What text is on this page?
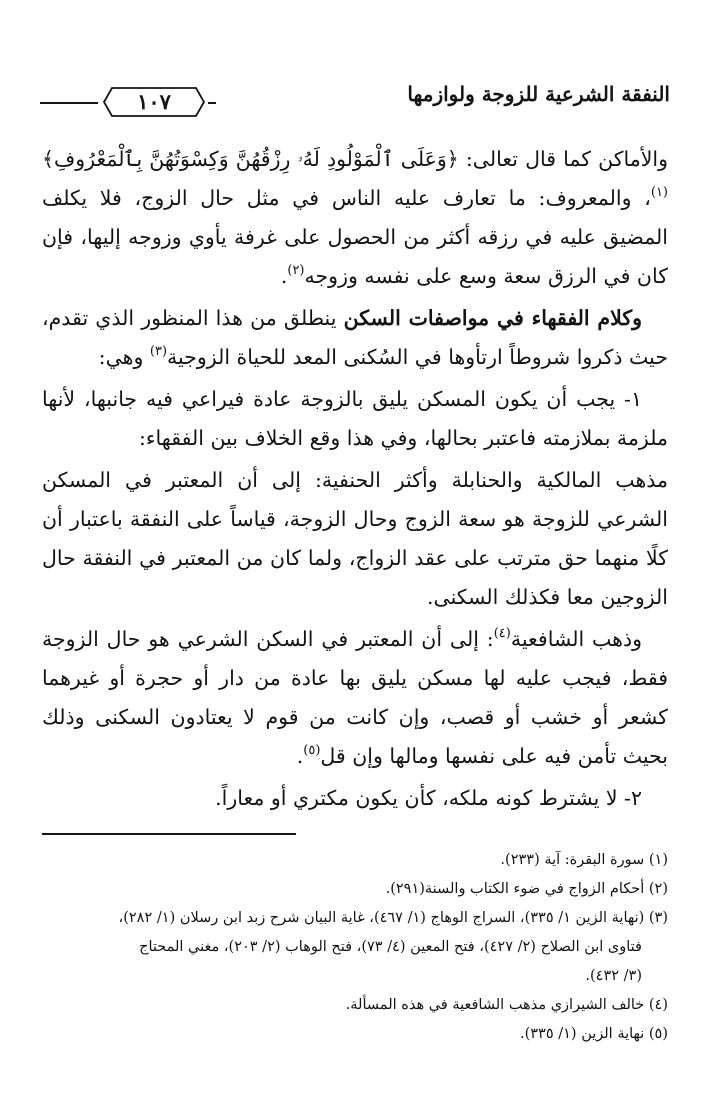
النفقة الشرعية للزوجة ولوازمها
١٠٧

والأماكن كما قال تعالى: ﴿وَعَلَى ٱلْمَوْلُودِ لَهُۥ رِزْقُهُنَّ وَكِسْوَتُهُنَّ بِٱلْمَعْرُوفِ﴾$^{(١)}$، والمعروف: ما تعارف عليه الناس في مثل حال الزوج، فلا يكلف المضيق عليه في رزقه أكثر من الحصول على غرفة يأوي وزوجه إليها، فإن كان في الرزق سعة وسع على نفسه وزوجه$^{(٢)}$.

وكلام الفقهاء في مواصفات السكن ينطلق من هذا المنظور الذي تقدم، حيث ذكروا شروطاً ارتأوها في السُكنى المعد للحياة الزوجية$^{(٣)}$ وهي:

١- يجب أن يكون المسكن يليق بالزوجة عادة فيراعي فيه جانبها، لأنها ملزمة بملازمته فاعتبر بحالها، وفي هذا وقع الخلاف بين الفقهاء:

مذهب المالكية والحنابلة وأكثر الحنفية: إلى أن المعتبر في المسكن الشرعي للزوجة هو سعة الزوج وحال الزوجة، قياساً على النفقة باعتبار أن كلًا منهما حق مترتب على عقد الزواج، ولما كان من المعتبر في النفقة حال الزوجين معا فكذلك السكنى.

وذهب الشافعية$^{(٤)}$: إلى أن المعتبر في السكن الشرعي هو حال الزوجة فقط، فيجب عليه لها مسكن يليق بها عادة من دار أو حجرة أو غيرهما كشعر أو خشب أو قصب، وإن كانت من قوم لا يعتادون السكنى وذلك بحيث تأمن فيه على نفسها ومالها وإن قل$^{(٥)}$.

٢- لا يشترط كونه ملكه، كأن يكون مكتري أو معاراً.

(١) سورة البقرة: آية (٢٣٣).

(٢) أحكام الزواج في ضوء الكتاب والسنة(٢٩١).

(٣) (نهاية الزين ١/ ٣٣٥)، السراج الوهاج (١/ ٤٦٧)، غاية البيان شرح زبد ابن رسلان (١/ ٢٨٢)،

فتاوى ابن الصلاح (٢/ ٤٢٧)، فتح المعين (٤/ ٧٣)، فتح الوهاب (٢/ ٢٠٣)، مغني المحتاج

(٣/ ٤٣٢).

(٤) خالف الشيرازي مذهب الشافعية في هذه المسألة.

(٥) نهاية الزين (١/ ٣٣٥).
